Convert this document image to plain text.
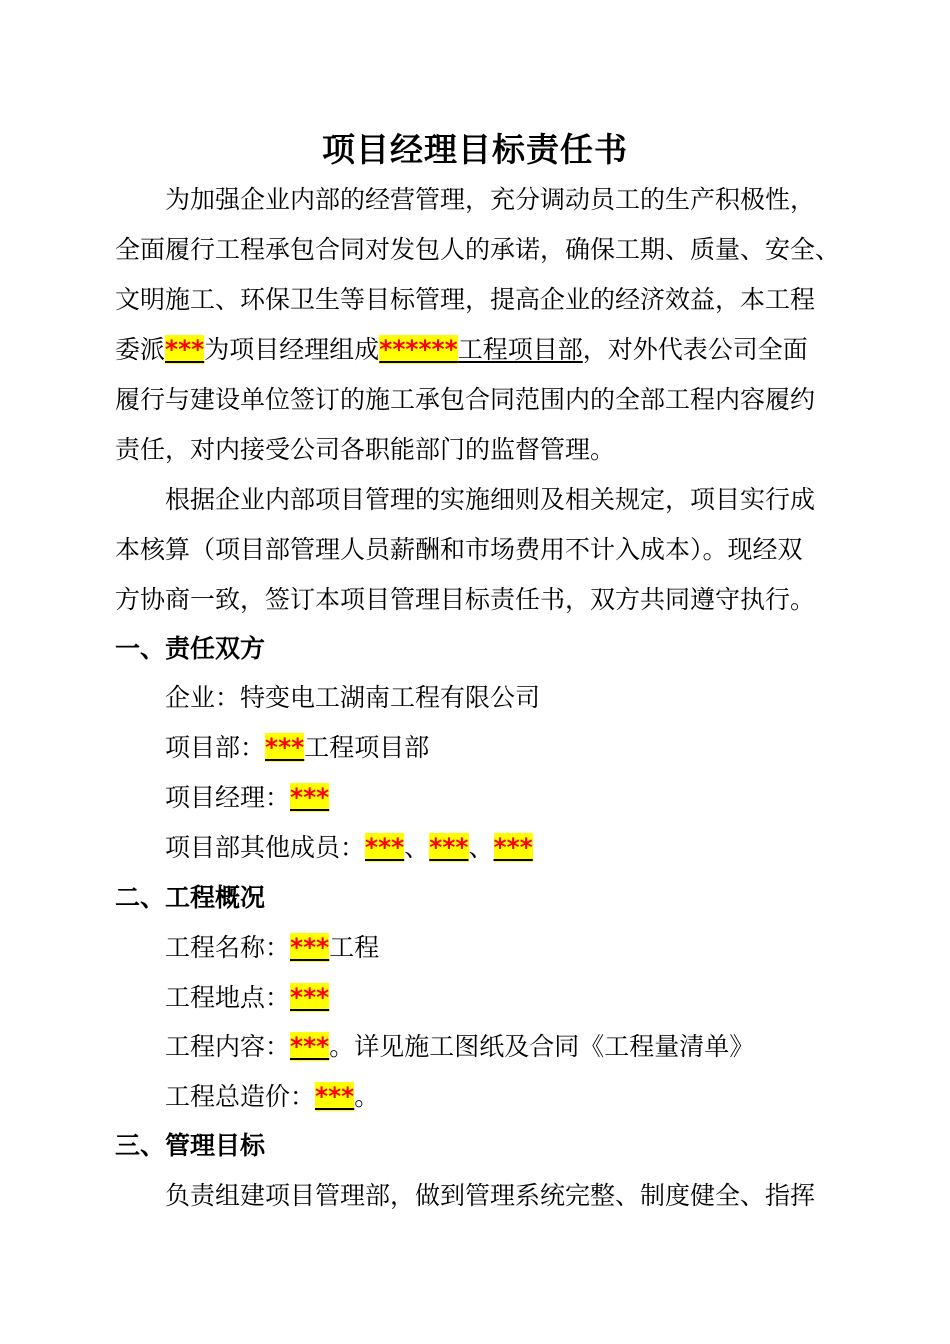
项目经理目标责任书
为加强企业内部的经营管理，充分调动员工的生产积极性，
全面履行工程承包合同对发包人的承诺，确保工期、质量、安全、
文明施工、环保卫生等目标管理，提高企业的经济效益，本工程
委派***为项目经理组成******工程项目部，对外代表公司全面
履行与建设单位签订的施工承包合同范围内的全部工程内容履约
责任，对内接受公司各职能部门的监督管理。
根据企业内部项目管理的实施细则及相关规定，项目实行成
本核算（项目部管理人员薪酬和市场费用不计入成本）。现经双
方协商一致，签订本项目管理目标责任书，双方共同遵守执行。
一、责任双方
企业：特变电工湖南工程有限公司
项目部：***工程项目部
项目经理：***
项目部其他成员：***、***、***
二、工程概况
工程名称：***工程
工程地点：***
工程内容：***。详见施工图纸及合同《工程量清单》
工程总造价：***。
三、管理目标
负责组建项目管理部，做到管理系统完整、制度健全、指挥
